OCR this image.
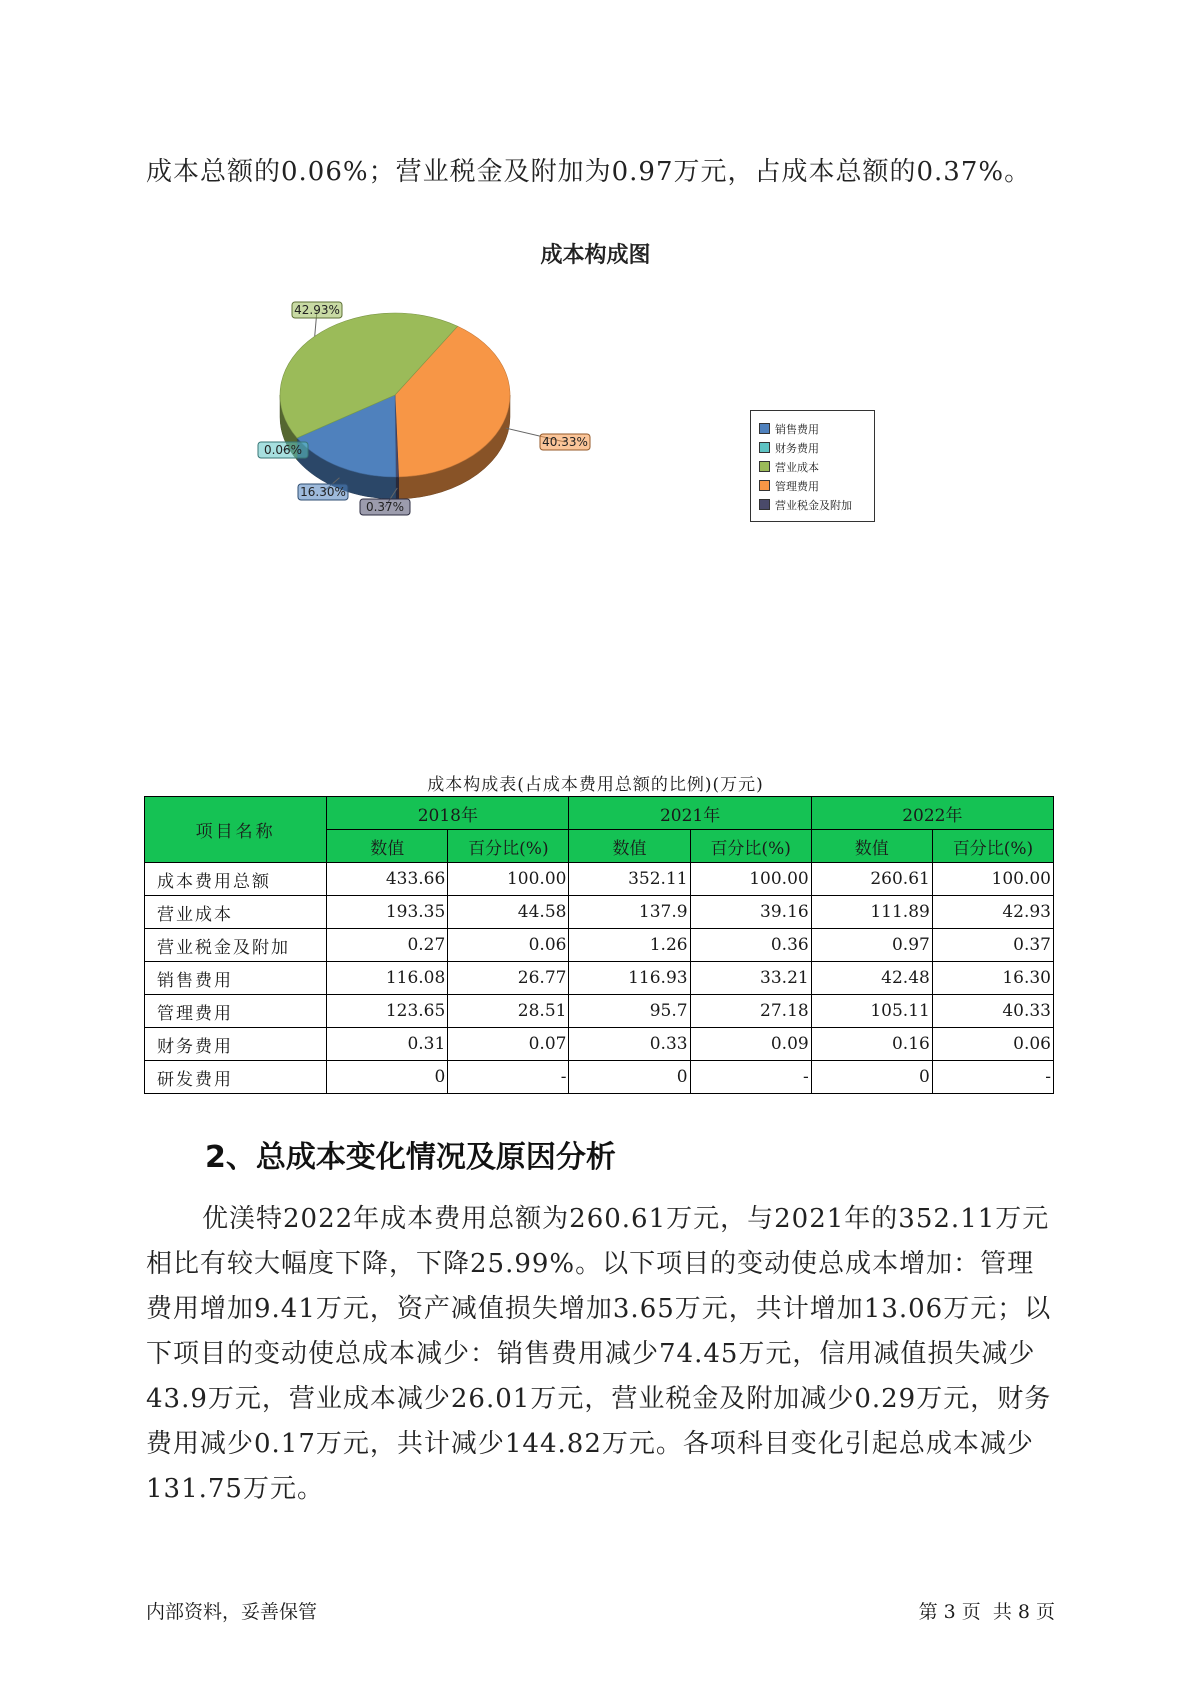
成本总额的0.06%；营业税金及附加为0.97万元，占成本总额的0.37%。
成本构成图
42.93%
40.33%
0.06%
16.30%
0.37%
销售费用
财务费用
营业成本
管理费用
营业税金及附加
成本构成表(占成本费用总额的比例)(万元)
项目名称	2018年		2021年		2022年	
	数值	百分比(%)	数值	百分比(%)	数值	百分比(%)
成本费用总额	433.66	100.00	352.11	100.00	260.61	100.00
营业成本	193.35	44.58	137.9	39.16	111.89	42.93
营业税金及附加	0.27	0.06	1.26	0.36	0.97	0.37
销售费用	116.08	26.77	116.93	33.21	42.48	16.30
管理费用	123.65	28.51	95.7	27.18	105.11	40.33
财务费用	0.31	0.07	0.33	0.09	0.16	0.06
研发费用	0	-	0	-	0	-
2、总成本变化情况及原因分析
优渼特2022年成本费用总额为260.61万元，与2021年的352.11万元相比有较大幅度下降，下降25.99%。以下项目的变动使总成本增加：管理费用增加9.41万元，资产减值损失增加3.65万元，共计增加13.06万元；以下项目的变动使总成本减少：销售费用减少74.45万元，信用减值损失减少43.9万元，营业成本减少26.01万元，营业税金及附加减少0.29万元，财务费用减少0.17万元，共计减少144.82万元。各项科目变化引起总成本减少131.75万元。
内部资料，妥善保管	第 3 页  共 8 页
